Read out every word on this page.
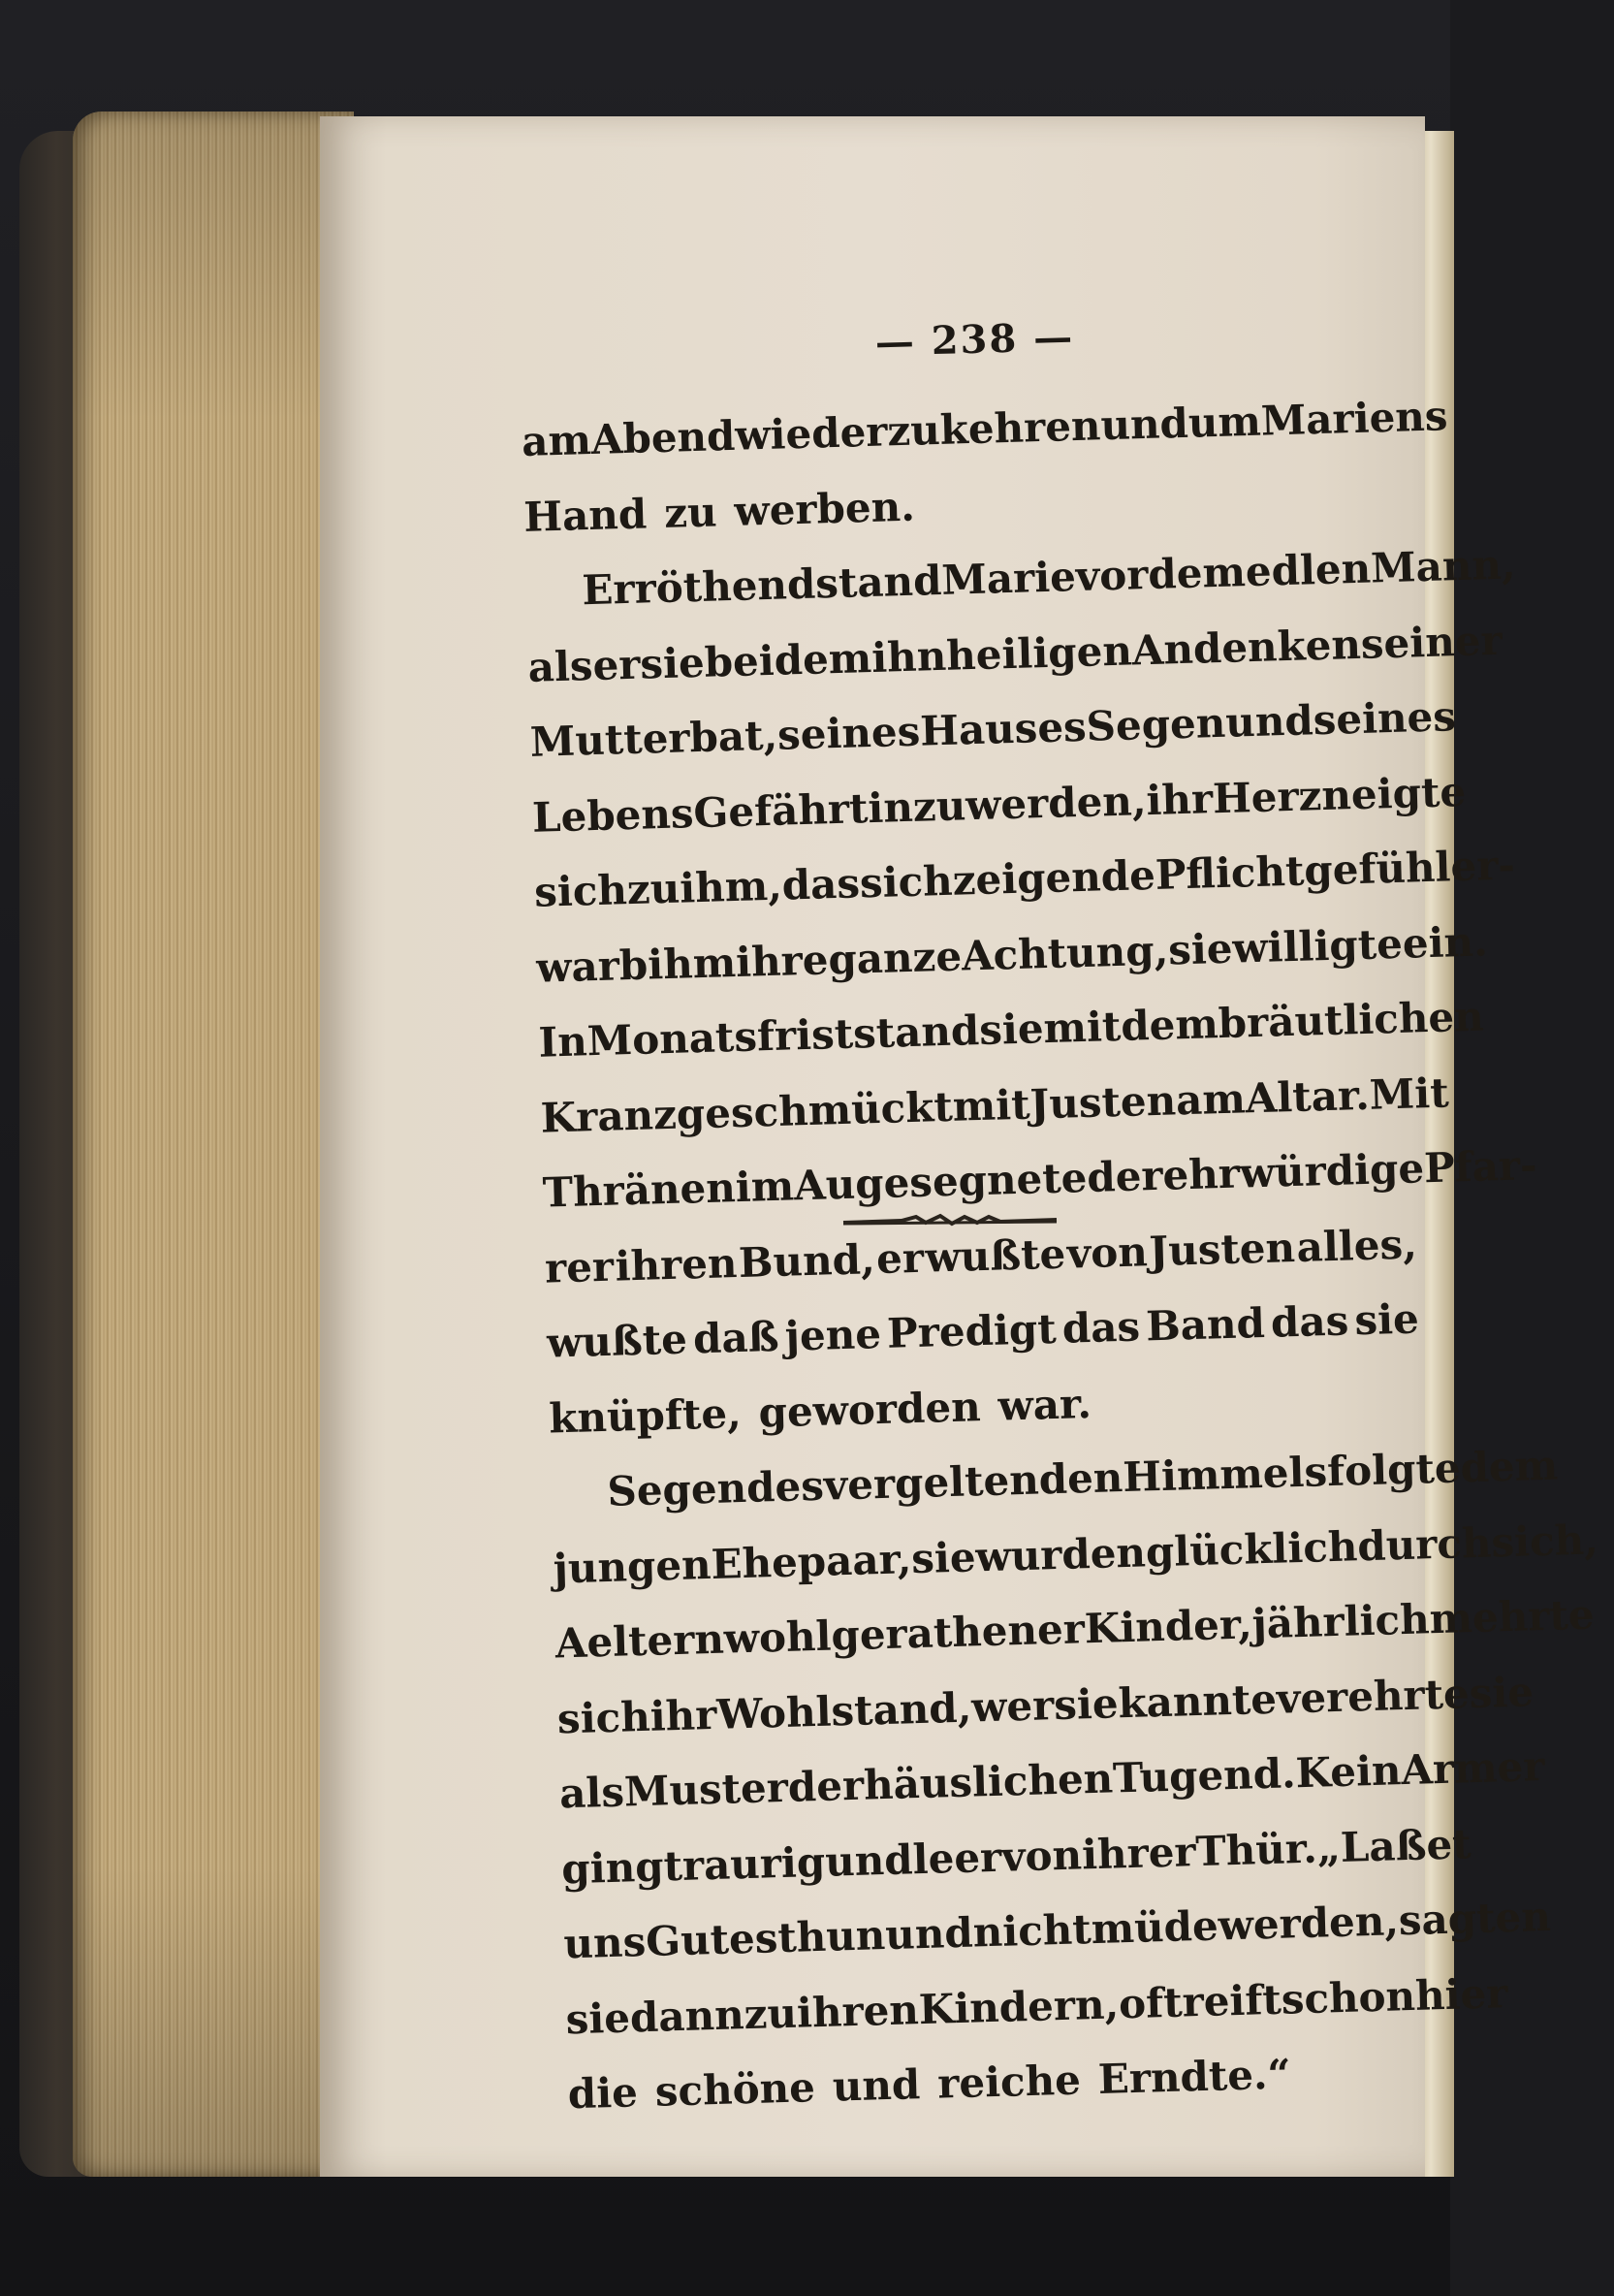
— 238 —
am
Abend
wiederzukehren
und
um
Mariens
Hand zu werben.
Erröthend
stand
Marie
vor
dem
edlen
Mann,
als
er
sie
bei
dem
ihn
heiligen
Andenken
seiner
Mutter
bat,
seines
Hauses
Segen
und
seines
Lebens
Gefährtin
zu
werden,
ihr
Herz
neigte
sich
zu
ihm,
das
sich
zeigende
Pflichtgefühl
er-
warb
ihm
ihre
ganze
Achtung,
sie
willigte
ein.
In
Monatsfrist
stand
sie
mit
dem
bräutlichen
Kranz
geschmückt
mit
Justen
am
Altar.
Mit
Thränen
im
Auge
segnete
der
ehrwürdige
Pfar-
rer ihren Bund, er wußte von Justen alles,
wußte daß jene Predigt das Band das sie
knüpfte, geworden war.
Segen
des
vergeltenden
Himmels
folgte
dem
jungen
Ehepaar,
sie
wurden
glücklich
durch
sich,
Aeltern
wohlgerathener
Kinder,
jährlich
mehrte
sich
ihr
Wohlstand,
wer
sie
kannte
verehrte
sie
als
Muster
der
häuslichen
Tugend.
Kein
Armer
ging
traurig
und
leer
von
ihrer
Thür.
„Laßet
uns
Gutes
thun
und
nicht
müde
werden,
sagten
sie
dann
zu
ihren
Kindern,
oft
reift
schon
hier
die schöne und reiche Erndte.“
